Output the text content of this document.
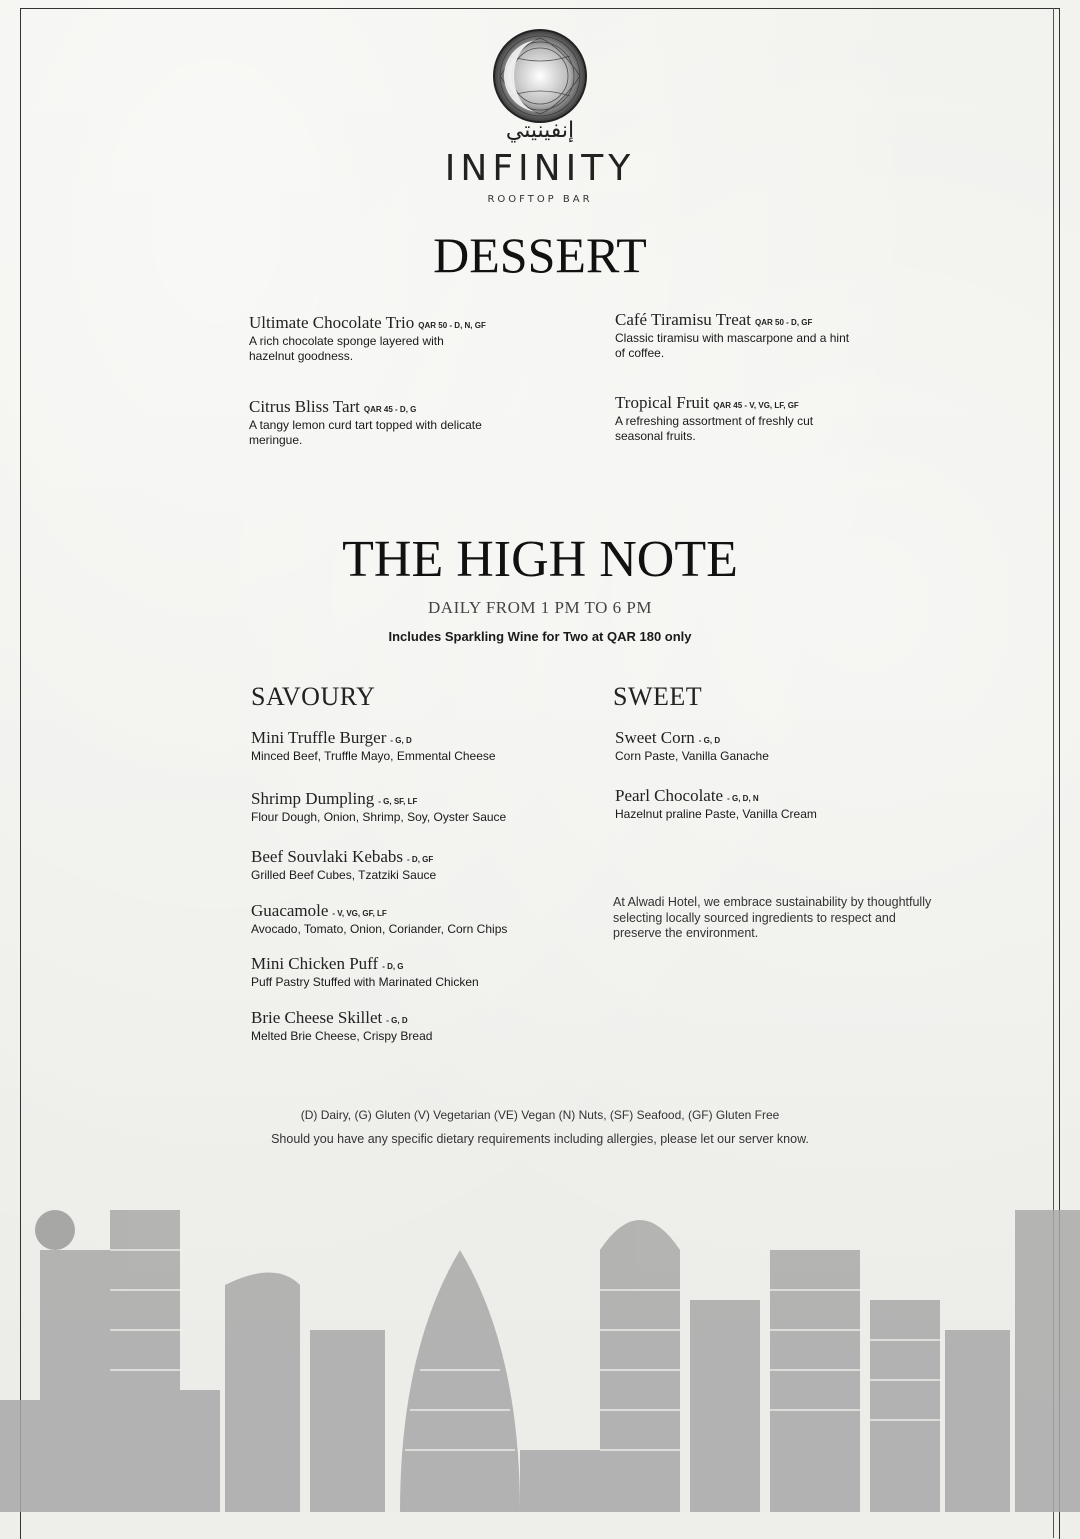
إنفينيتي
INFINITY
ROOFTOP BAR
DESSERT
Ultimate Chocolate Trio QAR 50 - D, N, GF
A rich chocolate sponge layered with hazelnut goodness.
Café Tiramisu Treat QAR 50 - D, GF
Classic tiramisu with mascarpone and a hint of coffee.
Citrus Bliss Tart QAR 45 - D, G
A tangy lemon curd tart topped with delicate meringue.
Tropical Fruit QAR 45 - V, VG, LF, GF
A refreshing assortment of freshly cut seasonal fruits.
THE HIGH NOTE
DAILY FROM 1 PM TO 6 PM
Includes Sparkling Wine for Two at QAR 180 only
SAVOURY
Mini Truffle Burger - G, D
Minced Beef, Truffle Mayo, Emmental Cheese
Shrimp Dumpling - G, SF, LF
Flour Dough, Onion, Shrimp, Soy, Oyster Sauce
Beef Souvlaki Kebabs - D, GF
Grilled Beef Cubes, Tzatziki Sauce
Guacamole - V, VG, GF, LF
Avocado, Tomato, Onion, Coriander, Corn Chips
Mini Chicken Puff - D, G
Puff Pastry Stuffed with Marinated Chicken
Brie Cheese Skillet - G, D
Melted Brie Cheese, Crispy Bread
SWEET
Sweet Corn - G, D
Corn Paste, Vanilla Ganache
Pearl Chocolate - G, D, N
Hazelnut praline Paste, Vanilla Cream
At Alwadi Hotel, we embrace sustainability by thoughtfully selecting locally sourced ingredients to respect and preserve the environment.
(D) Dairy, (G) Gluten (V) Vegetarian (VE) Vegan (N) Nuts, (SF) Seafood, (GF) Gluten Free
Should you have any specific dietary requirements including allergies, please let our server know.
